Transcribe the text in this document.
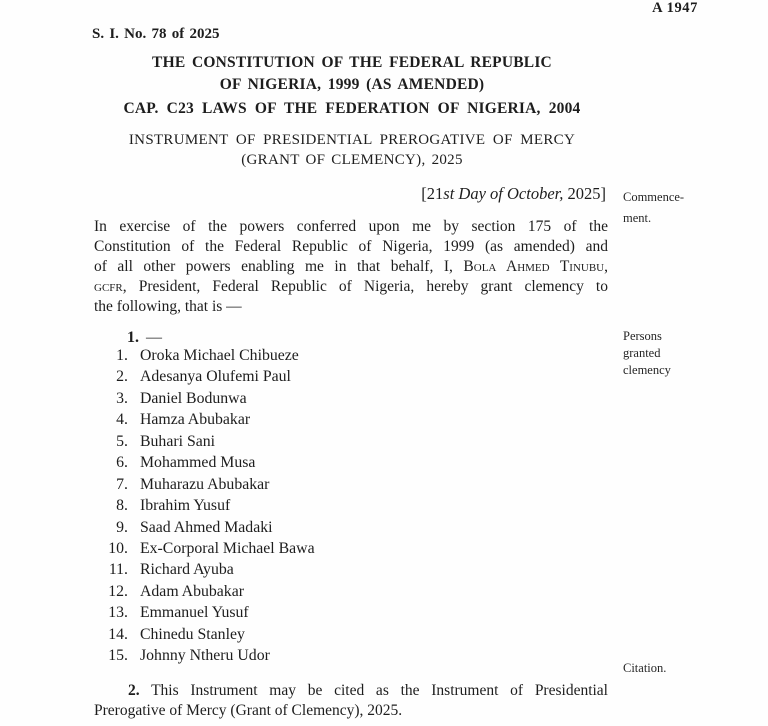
A 1947
S. I. No. 78 of 2025
THE CONSTITUTION OF THE FEDERAL REPUBLIC
OF NIGERIA, 1999 (AS AMENDED)
CAP. C23 LAWS OF THE FEDERATION OF NIGERIA, 2004
INSTRUMENT OF PRESIDENTIAL PREROGATIVE OF MERCY
(GRANT OF CLEMENCY), 2025
[21st Day of October, 2025] Commence-
ment.
In exercise of the powers conferred upon me by section 175 of the
Constitution of the Federal Republic of Nigeria, 1999 (as amended) and
of all other powers enabling me in that behalf, I, Bola Ahmed Tinubu,
gcfr, President, Federal Republic of Nigeria, hereby grant clemency to
the following, that is —
1. —	Persons
granted
clemency
1. Oroka Michael Chibueze
2. Adesanya Olufemi Paul
3. Daniel Bodunwa
4. Hamza Abubakar
5. Buhari Sani
6. Mohammed Musa
7. Muharazu Abubakar
8. Ibrahim Yusuf
9. Saad Ahmed Madaki
10. Ex-Corporal Michael Bawa
11. Richard Ayuba
12. Adam Abubakar
13. Emmanuel Yusuf
14. Chinedu Stanley
15. Johnny Ntheru Udor
Citation.
2. This Instrument may be cited as the Instrument of Presidential
Prerogative of Mercy (Grant of Clemency), 2025.
